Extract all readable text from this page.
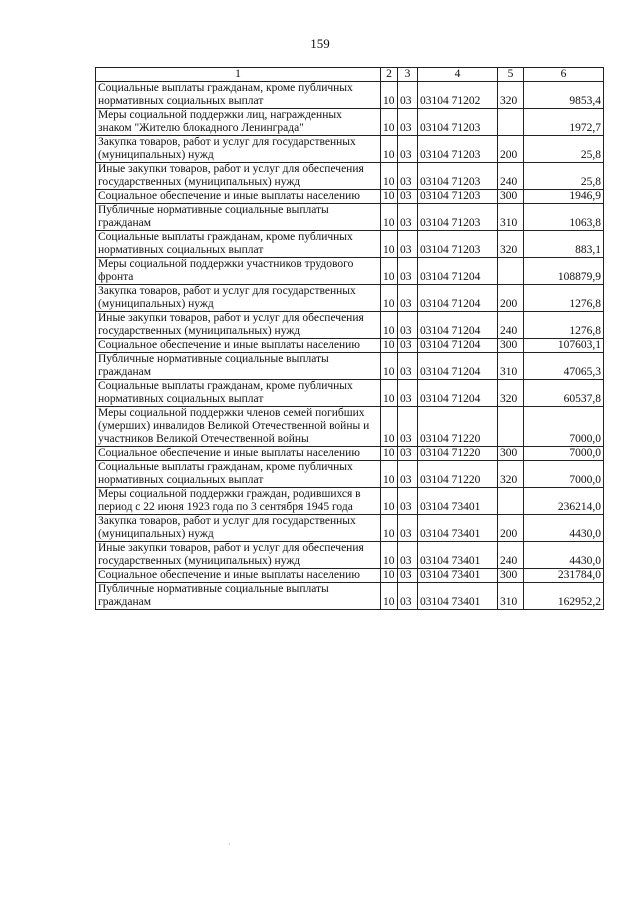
159
1	2	3	4	5	6
Социальные выплаты гражданам, кроме публичных нормативных социальных выплат	10	03	03104 71202	320	9853,4
Меры социальной поддержки лиц, награжденных знаком "Жителю блокадного Ленинграда"	10	03	03104 71203		1972,7
Закупка товаров, работ и услуг для государственных (муниципальных) нужд	10	03	03104 71203	200	25,8
Иные закупки товаров, работ и услуг для обеспечения государственных (муниципальных) нужд	10	03	03104 71203	240	25,8
Социальное обеспечение и иные выплаты населению	10	03	03104 71203	300	1946,9
Публичные нормативные социальные выплаты гражданам	10	03	03104 71203	310	1063,8
Социальные выплаты гражданам, кроме публичных нормативных социальных выплат	10	03	03104 71203	320	883,1
Меры социальной поддержки участников трудового фронта	10	03	03104 71204		108879,9
Закупка товаров, работ и услуг для государственных (муниципальных) нужд	10	03	03104 71204	200	1276,8
Иные закупки товаров, работ и услуг для обеспечения государственных (муниципальных) нужд	10	03	03104 71204	240	1276,8
Социальное обеспечение и иные выплаты населению	10	03	03104 71204	300	107603,1
Публичные нормативные социальные выплаты гражданам	10	03	03104 71204	310	47065,3
Социальные выплаты гражданам, кроме публичных нормативных социальных выплат	10	03	03104 71204	320	60537,8
Меры социальной поддержки членов семей погибших (умерших) инвалидов Великой Отечественной войны и участников Великой Отечественной войны	10	03	03104 71220		7000,0
Социальное обеспечение и иные выплаты населению	10	03	03104 71220	300	7000,0
Социальные выплаты гражданам, кроме публичных нормативных социальных выплат	10	03	03104 71220	320	7000,0
Меры социальной поддержки граждан, родившихся в период с 22 июня 1923 года по 3 сентября 1945 года	10	03	03104 73401		236214,0
Закупка товаров, работ и услуг для государственных (муниципальных) нужд	10	03	03104 73401	200	4430,0
Иные закупки товаров, работ и услуг для обеспечения государственных (муниципальных) нужд	10	03	03104 73401	240	4430,0
Социальное обеспечение и иные выплаты населению	10	03	03104 73401	300	231784,0
Публичные нормативные социальные выплаты гражданам	10	03	03104 73401	310	162952,2
·
